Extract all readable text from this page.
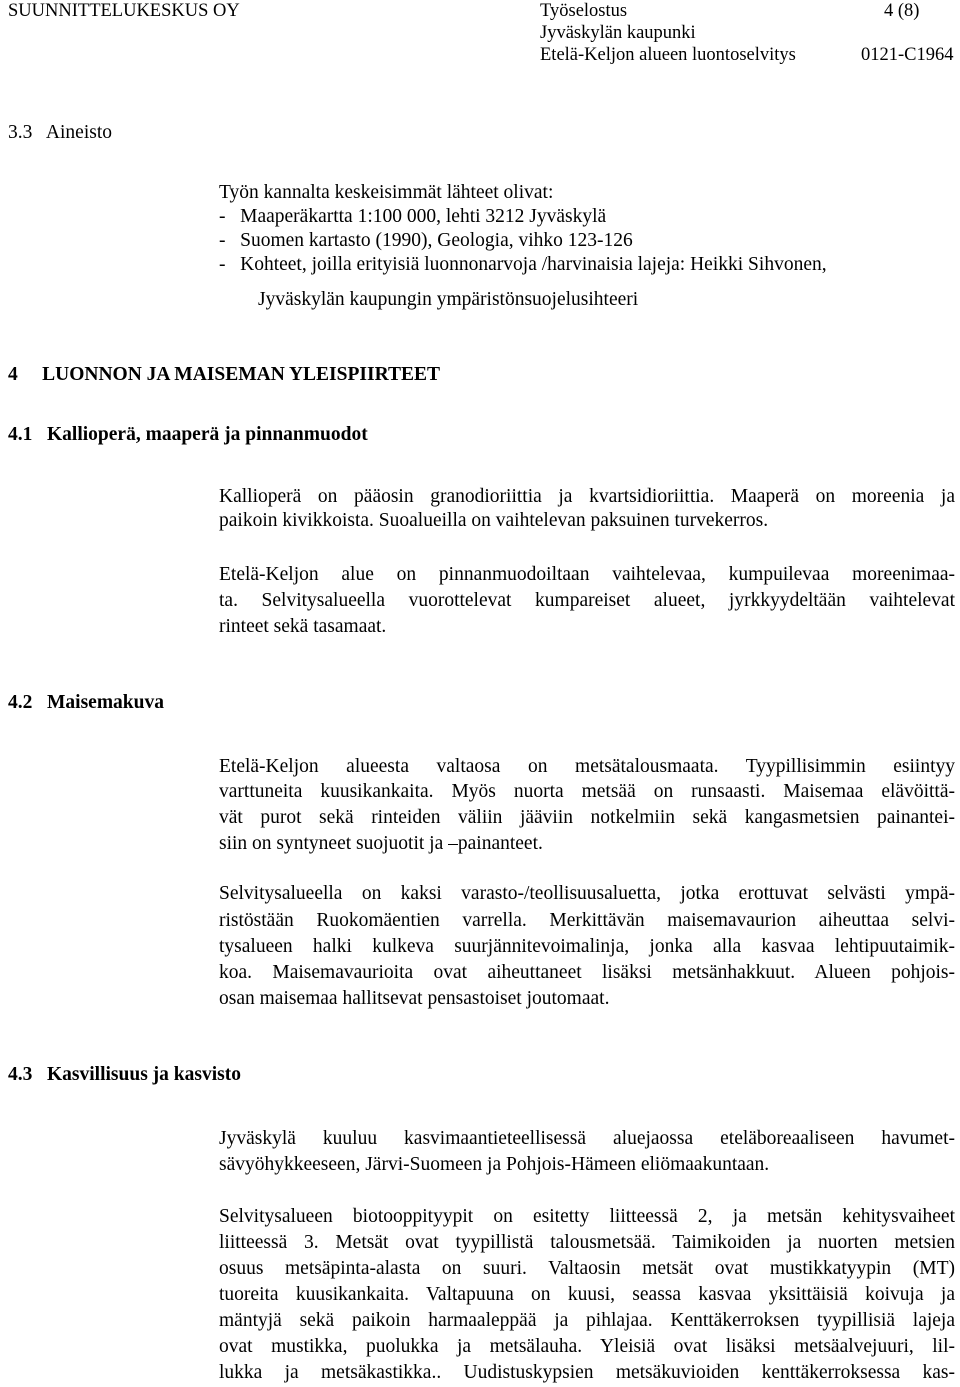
SUUNNITTELUKESKUS OY	Työselostus	4 (8)
Jyväskylän kaupunki
Etelä-Keljon alueen luontoselvitys	0121-C1964
3.3   Aineisto
Työn kannalta keskeisimmät lähteet olivat:
-   Maaperäkartta 1:100 000, lehti 3212 Jyväskylä
-   Suomen kartasto (1990), Geologia, vihko 123-126
-   Kohteet, joilla erityisiä luonnonarvoja /harvinaisia lajeja: Heikki Sihvonen,
Jyväskylän kaupungin ympäristönsuojelusihteeri
4     LUONNON JA MAISEMAN YLEISPIIRTEET
4.1   Kallioperä, maaperä ja pinnanmuodot
Kallioperä on pääosin granodioriittia ja kvartsidioriittia. Maaperä on moreenia ja
paikoin kivikkoista. Suoalueilla on vaihtelevan paksuinen turvekerros.
Etelä-Keljon alue on pinnanmuodoiltaan vaihtelevaa, kumpuilevaa moreenimaa-
ta. Selvitysalueella vuorottelevat kumpareiset alueet, jyrkkyydeltään vaihtelevat
rinteet sekä tasamaat.
4.2   Maisemakuva
Etelä-Keljon alueesta valtaosa on metsätalousmaata. Tyypillisimmin esiintyy
varttuneita kuusikankaita. Myös nuorta metsää on runsaasti. Maisemaa elävöittä-
vät purot sekä rinteiden väliin jääviin notkelmiin sekä kangasmetsien painantei-
siin on syntyneet suojuotit ja –painanteet.
Selvitysalueella on kaksi varasto-/teollisuusaluetta, jotka erottuvat selvästi ympä-
ristöstään Ruokomäentien varrella. Merkittävän maisemavaurion aiheuttaa selvi-
tysalueen halki kulkeva suurjännitevoimalinja, jonka alla kasvaa lehtipuutaimik-
koa. Maisemavaurioita ovat aiheuttaneet lisäksi metsänhakkuut. Alueen pohjois-
osan maisemaa hallitsevat pensastoiset joutomaat.
4.3   Kasvillisuus ja kasvisto
Jyväskylä kuuluu kasvimaantieteellisessä aluejaossa eteläboreaaliseen havumet-
sävyöhykkeeseen, Järvi-Suomeen ja Pohjois-Hämeen eliömaakuntaan.
Selvitysalueen biotooppityypit on esitetty liitteessä 2, ja metsän kehitysvaiheet
liitteessä 3. Metsät ovat tyypillistä talousmetsää. Taimikoiden ja nuorten metsien
osuus metsäpinta-alasta on suuri. Valtaosin metsät ovat mustikkatyypin (MT)
tuoreita kuusikankaita. Valtapuuna on kuusi, seassa kasvaa yksittäisiä koivuja ja
mäntyjä sekä paikoin harmaaleppää ja pihlajaa. Kenttäkerroksen tyypillisiä lajeja
ovat mustikka, puolukka ja metsälauha. Yleisiä ovat lisäksi metsäalvejuuri, lil-
lukka ja metsäkastikka.. Uudistuskypsien metsäkuvioiden kenttäkerroksessa kas-
